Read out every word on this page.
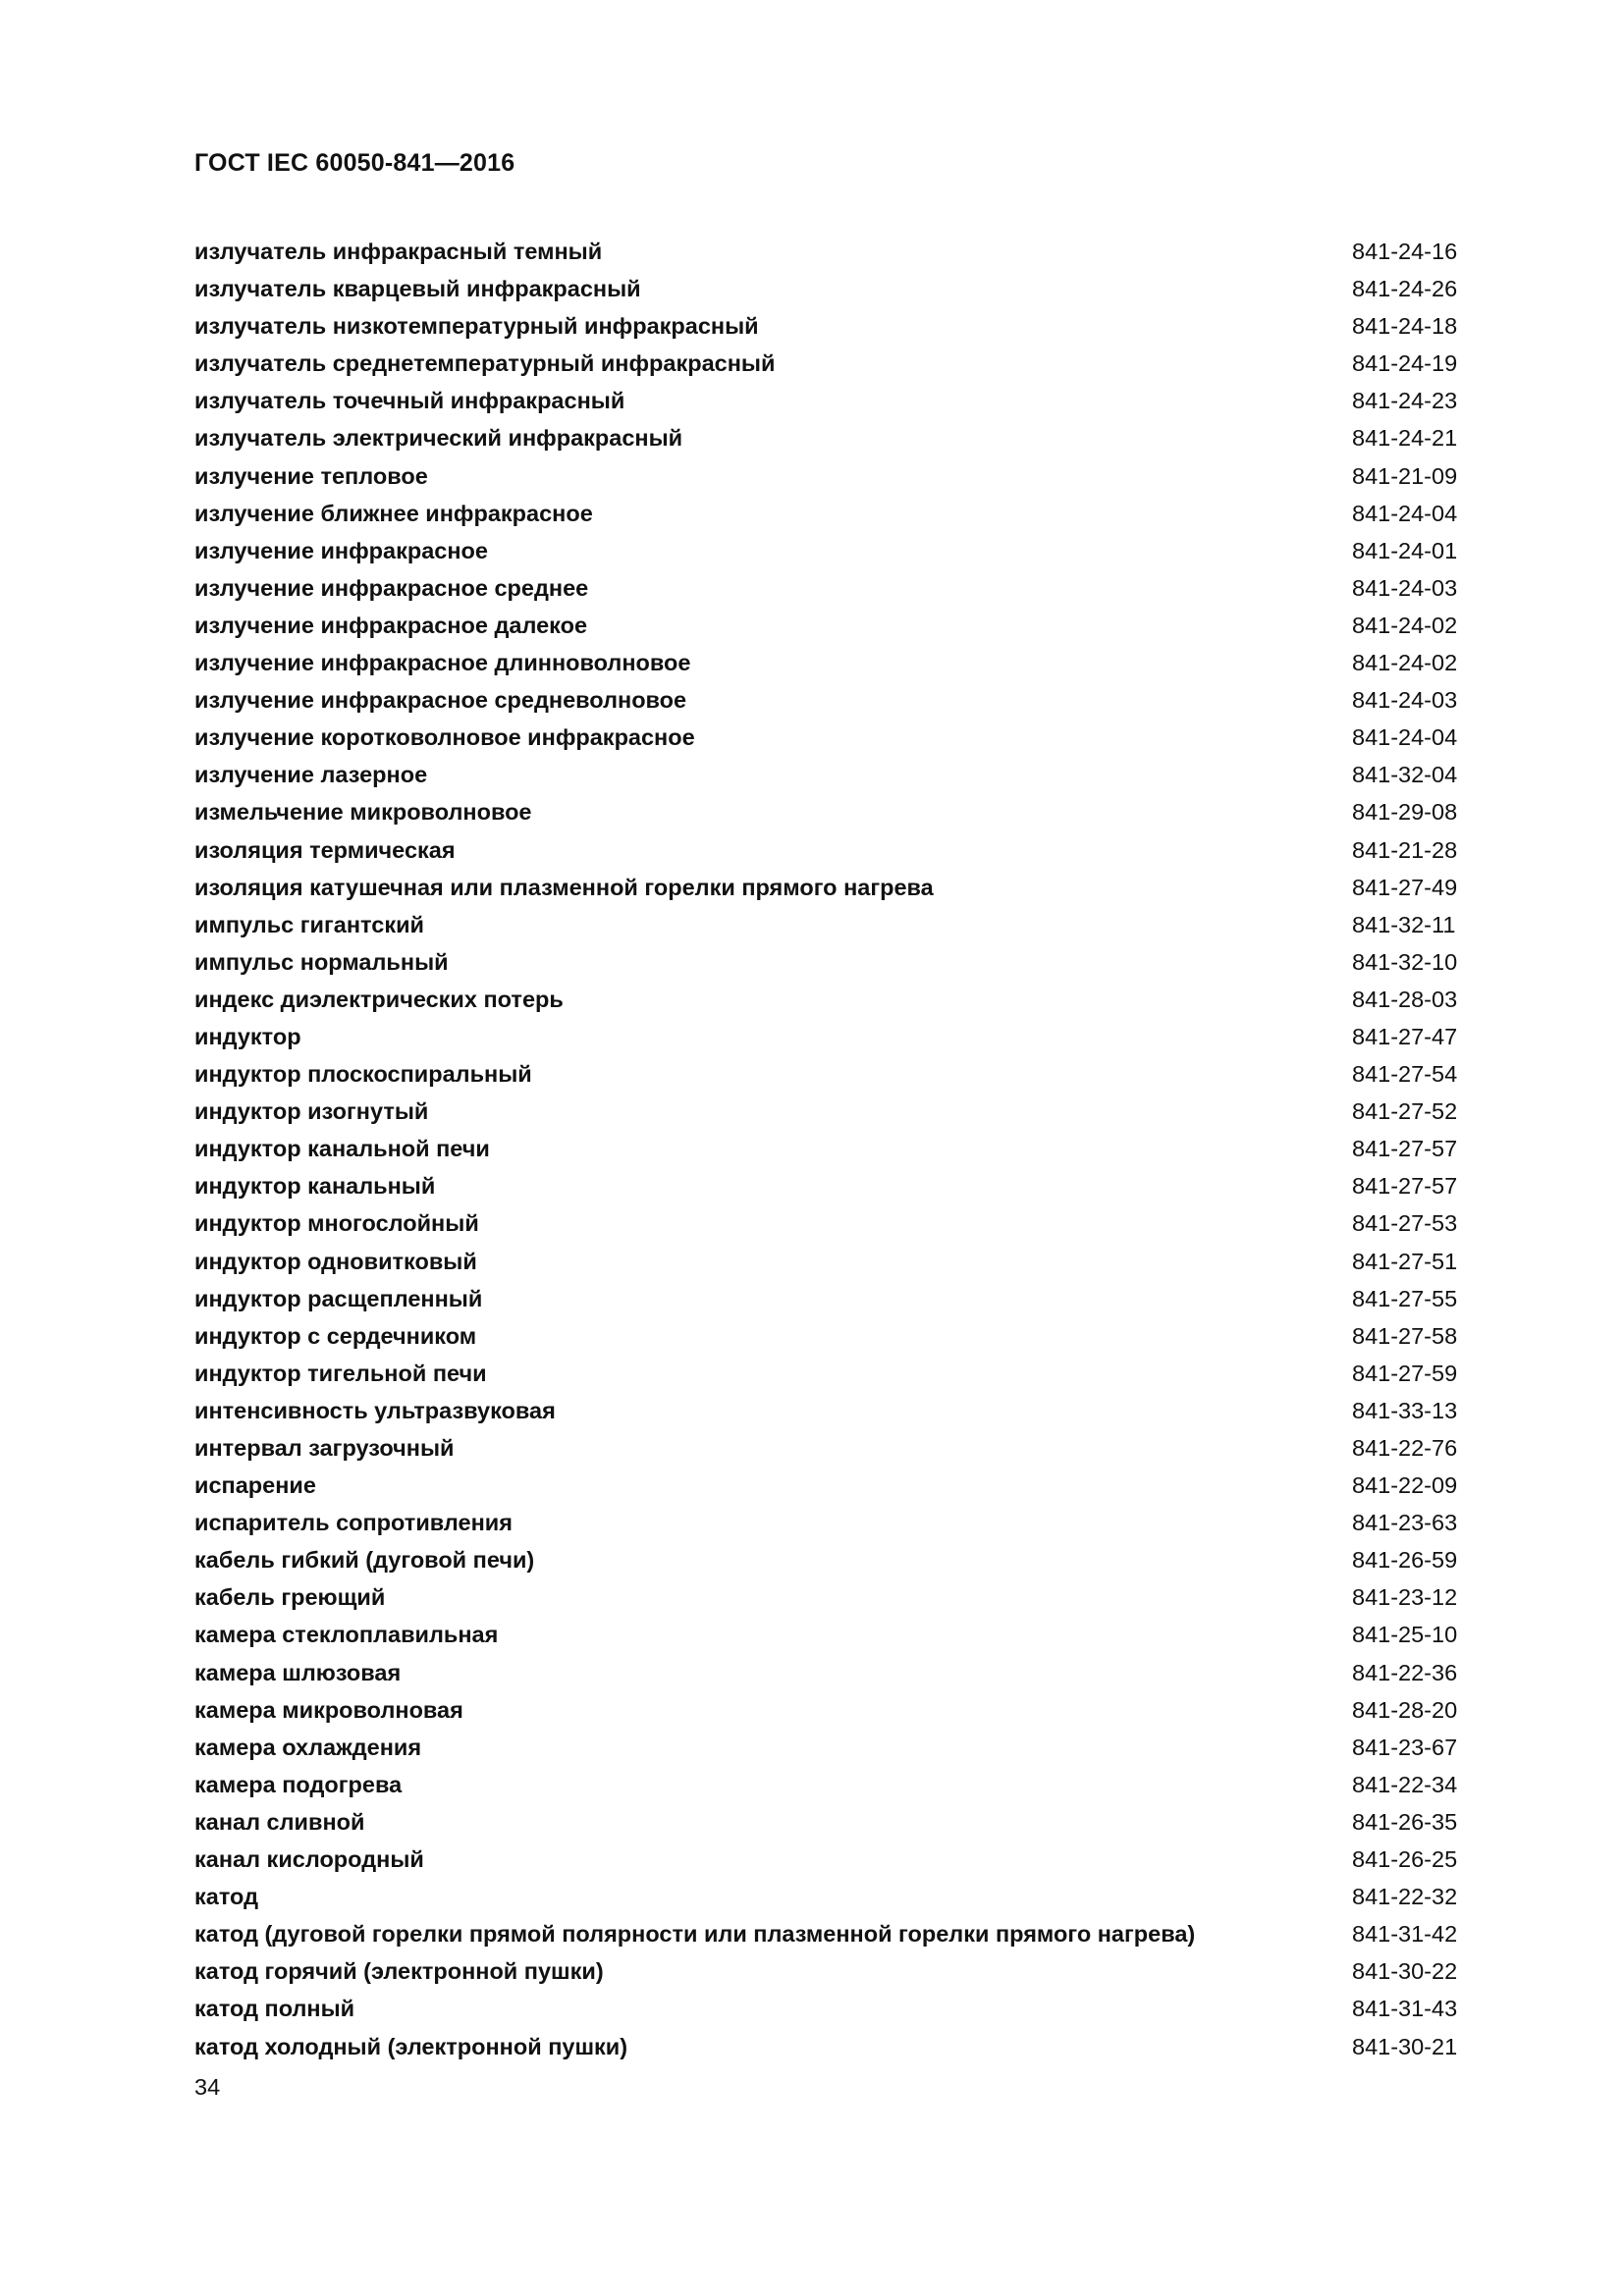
ГОСТ IEC 60050-841—2016
излучатель инфракрасный темный	841-24-16
излучатель кварцевый инфракрасный	841-24-26
излучатель низкотемпературный инфракрасный	841-24-18
излучатель среднетемпературный инфракрасный	841-24-19
излучатель точечный инфракрасный	841-24-23
излучатель электрический инфракрасный	841-24-21
излучение тепловое	841-21-09
излучение ближнее инфракрасное	841-24-04
излучение инфракрасное	841-24-01
излучение инфракрасное среднее	841-24-03
излучение инфракрасное далекое	841-24-02
излучение инфракрасное длинноволновое	841-24-02
излучение инфракрасное средневолновое	841-24-03
излучение коротковолновое инфракрасное	841-24-04
излучение лазерное	841-32-04
измельчение микроволновое	841-29-08
изоляция термическая	841-21-28
изоляция катушечная или плазменной горелки прямого нагрева	841-27-49
импульс гигантский	841-32-11
импульс нормальный	841-32-10
индекс диэлектрических потерь	841-28-03
индуктор	841-27-47
индуктор плоскоспиральный	841-27-54
индуктор изогнутый	841-27-52
индуктор канальной печи	841-27-57
индуктор канальный	841-27-57
индуктор многослойный	841-27-53
индуктор одновитковый	841-27-51
индуктор расщепленный	841-27-55
индуктор с сердечником	841-27-58
индуктор тигельной печи	841-27-59
интенсивность ультразвуковая	841-33-13
интервал загрузочный	841-22-76
испарение	841-22-09
испаритель сопротивления	841-23-63
кабель гибкий (дуговой печи)	841-26-59
кабель греющий	841-23-12
камера стеклоплавильная	841-25-10
камера шлюзовая	841-22-36
камера микроволновая	841-28-20
камера охлаждения	841-23-67
камера подогрева	841-22-34
канал сливной	841-26-35
канал кислородный	841-26-25
катод	841-22-32
катод (дуговой горелки прямой полярности или плазменной горелки прямого нагрева)	841-31-42
катод горячий (электронной пушки)	841-30-22
катод полный	841-31-43
катод холодный (электронной пушки)	841-30-21
34
